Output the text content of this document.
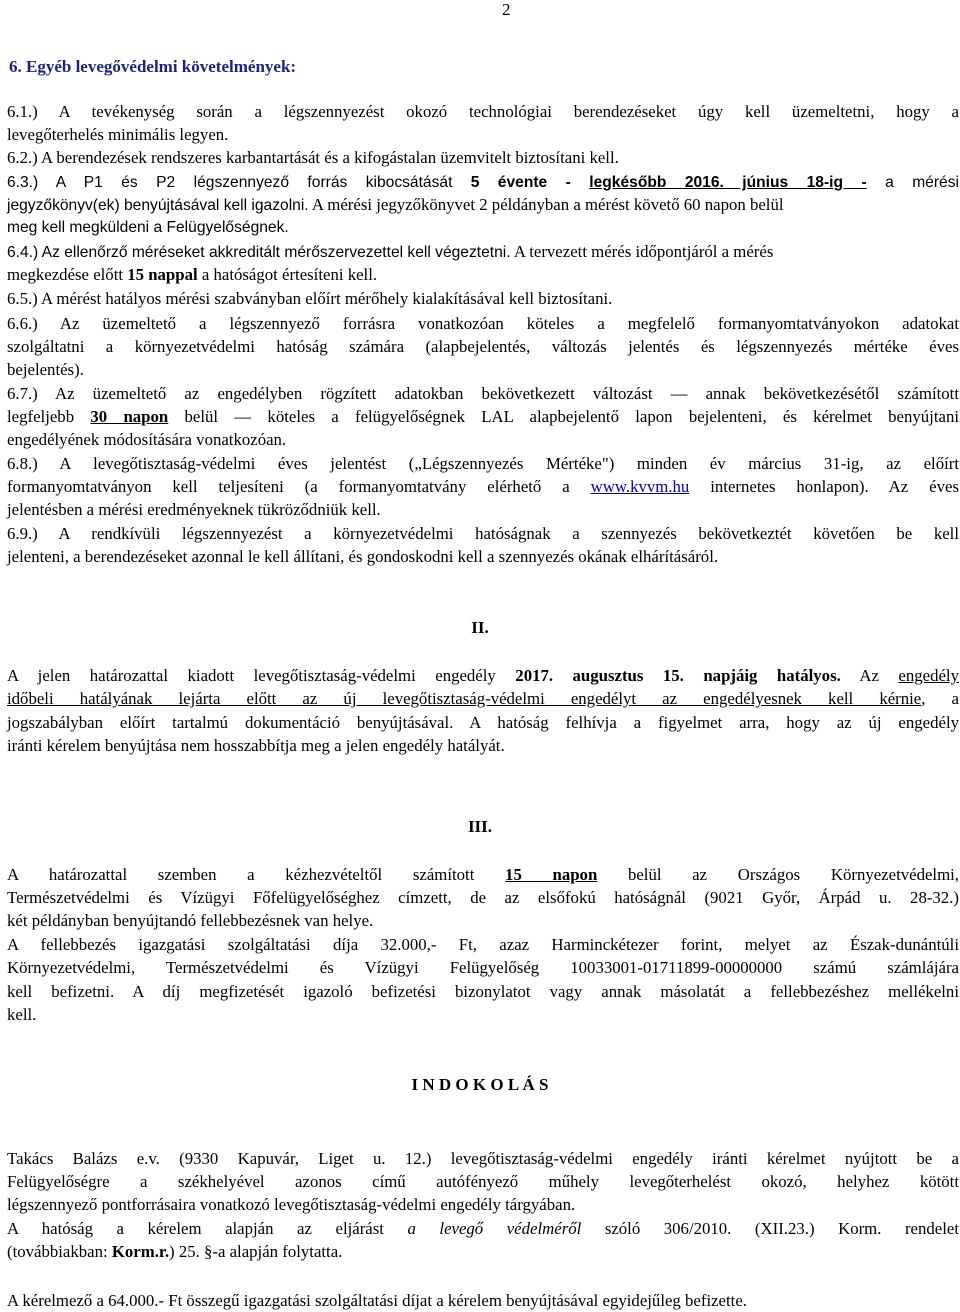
2
6. Egyéb levegővédelmi követelmények:
6.1.) A tevékenység során a légszennyezést okozó technológiai berendezéseket úgy kell üzemeltetni, hogy a
levegőterhelés minimális legyen.
6.2.) A berendezések rendszeres karbantartását és a kifogástalan üzemvitelt biztosítani kell.
6.3.) A P1 és P2 légszennyező forrás kibocsátását 5 évente - legkésőbb 2016. június 18-ig - a mérési
jegyzőkönyv(ek) benyújtásával kell igazolni. A mérési jegyzőkönyvet 2 példányban a mérést követő 60 napon belül
meg kell megküldeni a Felügyelőségnek.
6.4.) Az ellenőrző méréseket akkreditált mérőszervezettel kell végeztetni. A tervezett mérés időpontjáról a mérés
megkezdése előtt 15 nappal a hatóságot értesíteni kell.
6.5.) A mérést hatályos mérési szabványban előírt mérőhely kialakításával kell biztosítani.
6.6.) Az üzemeltető a légszennyező forrásra vonatkozóan köteles a megfelelő formanyomtatványokon adatokat
szolgáltatni a környezetvédelmi hatóság számára (alapbejelentés, változás jelentés és légszennyezés mértéke éves
bejelentés).
6.7.) Az üzemeltető az engedélyben rögzített adatokban bekövetkezett változást ― annak bekövetkezésétől számított
legfeljebb 30 napon belül ― köteles a felügyelőségnek LAL alapbejelentő lapon bejelenteni, és kérelmet benyújtani
engedélyének módosítására vonatkozóan.
6.8.) A levegőtisztaság-védelmi éves jelentést („Légszennyezés Mértéke") minden év március 31-ig, az előírt
formanyomtatványon kell teljesíteni (a formanyomtatvány elérhető a www.kvvm.hu internetes honlapon). Az éves
jelentésben a mérési eredményeknek tükröződniük kell.
6.9.) A rendkívüli légszennyezést a környezetvédelmi hatóságnak a szennyezés bekövetkeztét követően be kell
jelenteni, a berendezéseket azonnal le kell állítani, és gondoskodni kell a szennyezés okának elhárításáról.
II.
A jelen határozattal kiadott levegőtisztaság-védelmi engedély 2017. augusztus 15. napjáig hatályos. Az engedély
időbeli hatályának lejárta előtt az új levegőtisztaság-védelmi engedélyt az engedélyesnek kell kérnie, a
jogszabályban előírt tartalmú dokumentáció benyújtásával. A hatóság felhívja a figyelmet arra, hogy az új engedély
iránti kérelem benyújtása nem hosszabbítja meg a jelen engedély hatályát.
III.
A határozattal szemben a kézhezvételtől számított 15 napon belül az Országos Környezetvédelmi,
Természetvédelmi és Vízügyi Főfelügyelőséghez címzett, de az elsőfokú hatóságnál (9021 Győr, Árpád u. 28-32.)
két példányban benyújtandó fellebbezésnek van helye.
A fellebbezés igazgatási szolgáltatási díja 32.000,- Ft, azaz Harminckétezer forint, melyet az Észak-dunántúli
Környezetvédelmi, Természetvédelmi és Vízügyi Felügyelőség 10033001-01711899-00000000 számú számlájára
kell befizetni. A díj megfizetését igazoló befizetési bizonylatot vagy annak másolatát a fellebbezéshez mellékelni
kell.
I N D O K O L Á S
Takács Balázs e.v. (9330 Kapuvár, Liget u. 12.) levegőtisztaság-védelmi engedély iránti kérelmet nyújtott be a
Felügyelőségre a székhelyével azonos című autófényező műhely levegőterhelést okozó, helyhez kötött
légszennyező pontforrásaira vonatkozó levegőtisztaság-védelmi engedély tárgyában.
A hatóság a kérelem alapján az eljárást a levegő védelméről szóló 306/2010. (XII.23.) Korm. rendelet
(továbbiakban: Korm.r.) 25. §-a alapján folytatta.
A kérelmező a 64.000.- Ft összegű igazgatási szolgáltatási díjat a kérelem benyújtásával egyidejűleg befizette.
